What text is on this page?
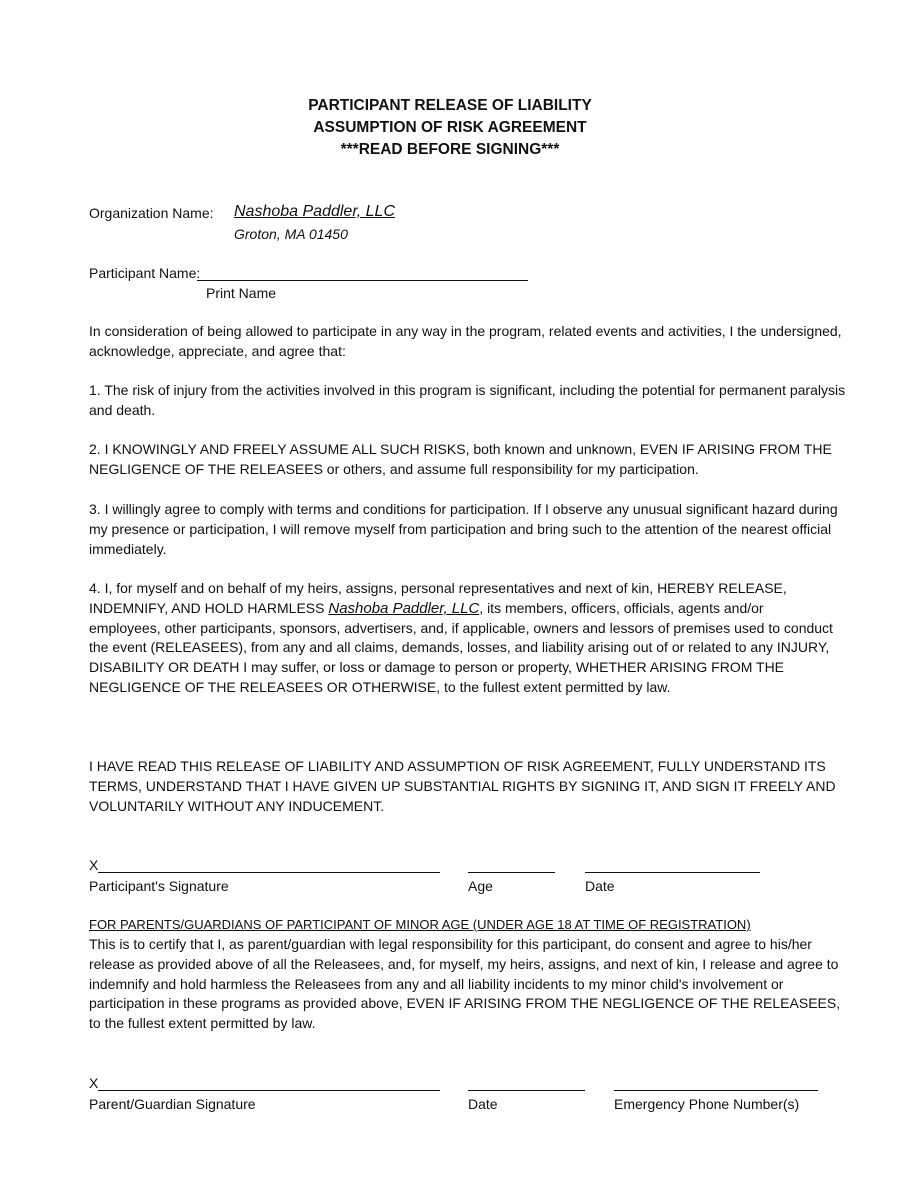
PARTICIPANT RELEASE OF LIABILITY
ASSUMPTION OF RISK AGREEMENT
***READ BEFORE SIGNING***
Organization Name: Nashoba Paddler, LLC
Groton, MA 01450
Participant Name:
Print Name
In consideration of being allowed to participate in any way in the program, related events and activities, I the undersigned,
acknowledge, appreciate, and agree that:
1. The risk of injury from the activities involved in this program is significant, including the potential for permanent paralysis
and death.
2. I KNOWINGLY AND FREELY ASSUME ALL SUCH RISKS, both known and unknown, EVEN IF ARISING FROM THE
NEGLIGENCE OF THE RELEASEES or others, and assume full responsibility for my participation.
3. I willingly agree to comply with terms and conditions for participation. If I observe any unusual significant hazard during
my presence or participation, I will remove myself from participation and bring such to the attention of the nearest official
immediately.
4. I, for myself and on behalf of my heirs, assigns, personal representatives and next of kin, HEREBY RELEASE,
INDEMNIFY, AND HOLD HARMLESS Nashoba Paddler, LLC, its members, officers, officials, agents and/or
employees, other participants, sponsors, advertisers, and, if applicable, owners and lessors of premises used to conduct
the event (RELEASEES), from any and all claims, demands, losses, and liability arising out of or related to any INJURY,
DISABILITY OR DEATH I may suffer, or loss or damage to person or property, WHETHER ARISING FROM THE
NEGLIGENCE OF THE RELEASEES OR OTHERWISE, to the fullest extent permitted by law.
I HAVE READ THIS RELEASE OF LIABILITY AND ASSUMPTION OF RISK AGREEMENT, FULLY UNDERSTAND ITS
TERMS, UNDERSTAND THAT I HAVE GIVEN UP SUBSTANTIAL RIGHTS BY SIGNING IT, AND SIGN IT FREELY AND
VOLUNTARILY WITHOUT ANY INDUCEMENT.
X
Participant's Signature	Age	Date
FOR PARENTS/GUARDIANS OF PARTICIPANT OF MINOR AGE (UNDER AGE 18 AT TIME OF REGISTRATION)
This is to certify that I, as parent/guardian with legal responsibility for this participant, do consent and agree to his/her
release as provided above of all the Releasees, and, for myself, my heirs, assigns, and next of kin, I release and agree to
indemnify and hold harmless the Releasees from any and all liability incidents to my minor child's involvement or
participation in these programs as provided above, EVEN IF ARISING FROM THE NEGLIGENCE OF THE RELEASEES,
to the fullest extent permitted by law.
X
Parent/Guardian Signature	Date	Emergency Phone Number(s)
